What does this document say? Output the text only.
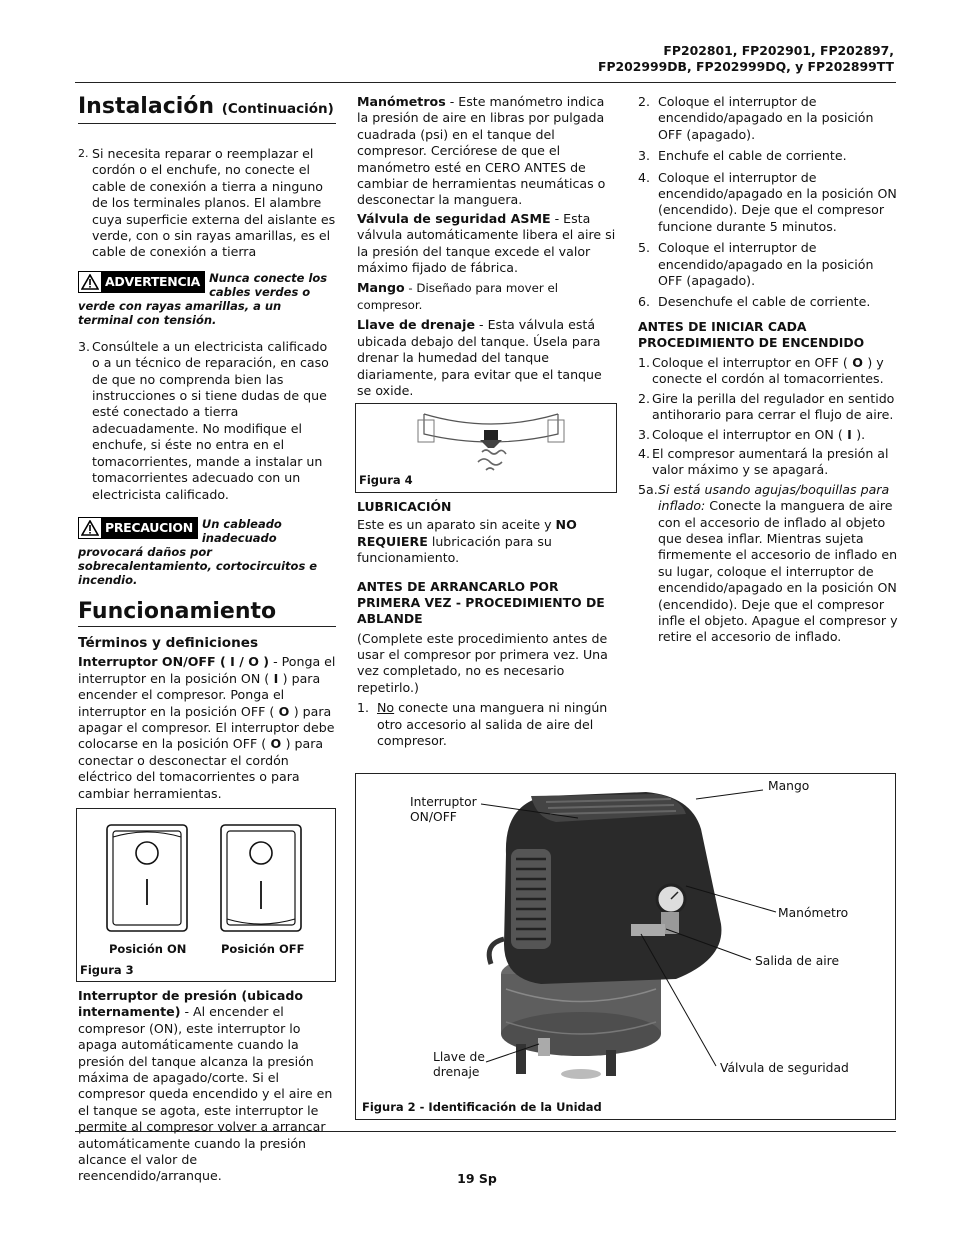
FP202801, FP202901, FP202897,
FP202999DB, FP202999DQ, y FP202899TT
Instalación (Continuación)
2. Si necesita reparar o reemplazar el cordón o el enchufe, no conecte el cable de conexión a tierra a ninguno de los terminales planos. El alambre cuya superficie externa del aislante es verde, con o sin rayas amarillas, es el cable de conexión a tierra
ADVERTENCIA Nunca conecte los cables verdes o verde con rayas amarillas, a un terminal con tensión.
3. Consúltele a un electricista calificado o a un técnico de reparación, en caso de que no comprenda bien las instrucciones o si tiene dudas de que esté conectado a tierra adecuadamente. No modifique el enchufe, si éste no entra en el tomacorrientes, mande a instalar un tomacorrientes adecuado con un electricista calificado.
PRECAUCION Un cableado inadecuado provocará daños por sobrecalentamiento, cortocircuitos e incendio.
Funcionamiento
Términos y definiciones

Interruptor ON/OFF ( I / O ) - Ponga el interruptor en la posición ON ( I ) para encender el compresor. Ponga el interruptor en la posición OFF ( O ) para apagar el compresor. El interruptor debe colocarse en la posición OFF ( O ) para conectar o desconectar el cordón eléctrico del tomacorrientes o para cambiar herramientas.

Posición ON	Posición OFF
Figura 3

Interruptor de presión (ubicado internamente) - Al encender el compresor (ON), este interruptor lo apaga automáticamente cuando la presión del tanque alcanza la presión máxima de apagado/corte. Si el compresor queda encendido y el aire en el tanque se agota, este interruptor le permite al compresor volver a arrancar automáticamente cuando la presión alcance el valor de reencendido/arranque.

Manómetros - Este manómetro indica la presión de aire en libras por pulgada cuadrada (psi) en el tanque del compresor. Cerciórese de que el manómetro esté en CERO ANTES de cambiar de herramientas neumáticas o desconectar la manguera.

Válvula de seguridad ASME - Esta válvula automáticamente libera el aire si la presión del tanque excede el valor máximo fijado de fábrica.

Mango - Diseñado para mover el compresor.

Llave de drenaje - Esta válvula está ubicada debajo del tanque. Úsela para drenar la humedad del tanque diariamente, para evitar que el tanque se oxide.

Figura 4
LUBRICACIÓN

Este es un aparato sin aceite y NO REQUIERE lubricación para su funcionamiento.

ANTES DE ARRANCARLO POR PRIMERA VEZ - PROCEDIMIENTO DE ABLANDE

(Complete este procedimiento antes de usar el compresor por primera vez. Una vez completado, no es necesario repetirlo.)

1. No conecte una manguera ni ningún otro accesorio al salida de aire del compresor.
2. Coloque el interruptor de encendido/apagado en la posición OFF (apagado).
3. Enchufe el cable de corriente.
4. Coloque el interruptor de encendido/apagado en la posición ON (encendido). Deje que el compresor funcione durante 5 minutos.
5. Coloque el interruptor de encendido/apagado en la posición OFF (apagado).
6. Desenchufe el cable de corriente.
ANTES DE INICIAR CADA PROCEDIMIENTO DE ENCENDIDO
1. Coloque el interruptor en OFF ( O ) y conecte el cordón al tomacorrientes.
2. Gire la perilla del regulador en sentido antihorario para cerrar el flujo de aire.
3. Coloque el interruptor en ON ( I ).
4. El compresor aumentará la presión al valor máximo y se apagará.
5a. Si está usando agujas/boquillas para inflado: Conecte la manguera de aire con el accesorio de inflado al objeto que desea inflar. Mientras sujeta firmemente el accesorio de inflado en su lugar, coloque el interruptor de encendido/apagado en la posición ON (encendido). Deje que el compresor infle el objeto. Apague el compresor y retire el accesorio de inflado.
Interruptor
ON/OFF
Mango
Manómetro
Salida de aire
Llave de
drenaje	Válvula de seguridad
Figura 2 - Identificación de la Unidad
19 Sp
